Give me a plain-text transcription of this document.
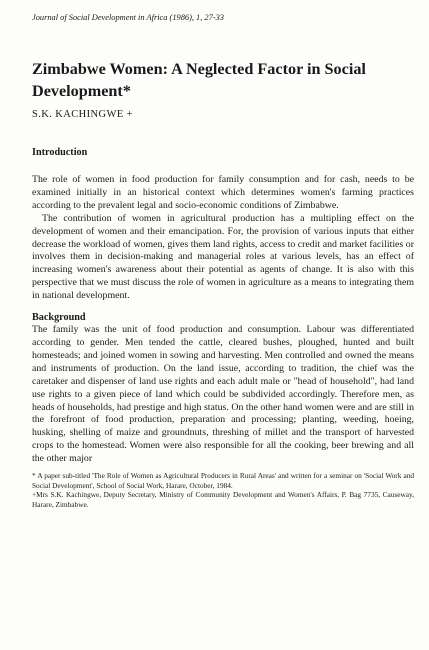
Journal of Social Development in Africa (1986), 1, 27-33
Zimbabwe Women: A Neglected Factor in Social Development*
S.K. KACHINGWE +
Introduction

The role of women in food production for family consumption and for cash, needs to be examined initially in an historical context which determines women's farming practices according to the prevalent legal and socio-economic conditions of Zimbabwe.

The contribution of women in agricultural production has a multipling effect on the development of women and their emancipation. For, the provision of various inputs that either decrease the workload of women, gives them land rights, access to credit and market facilities or involves them in decision-making and managerial roles at various levels, has an effect of increasing women's awareness about their potential as agents of change. It is also with this perspective that we must discuss the role of women in agriculture as a means to integrating them in national development.

Background

The family was the unit of food production and consumption. Labour was differentiated according to gender. Men tended the cattle, cleared bushes, ploughed, hunted and built homesteads; and joined women in sowing and harvesting. Men controlled and owned the means and instruments of production. On the land issue, according to tradition, the chief was the caretaker and dispenser of land use rights and each adult male or "head of household", had land use rights to a given piece of land which could be subdivided accordingly. Therefore men, as heads of households, had prestige and high status. On the other hand women were and are still in the forefront of food production, preparation and processing; planting, weeding, hoeing, husking, shelling of maize and groundnuts, threshing of millet and the transport of harvested crops to the homestead. Women were also responsible for all the cooking, beer brewing and all the other major

* A paper sub-titled 'The Role of Women as Agricultural Producers in Rural Areas' and written for a seminar on 'Social Work and Social Development', School of Social Work, Harare, October, 1984.

+Mrs S.K. Kachingwe, Deputy Secretary, Ministry of Community Development and Women's Affairs, P. Bag 7735, Causeway, Harare, Zimbabwe.
